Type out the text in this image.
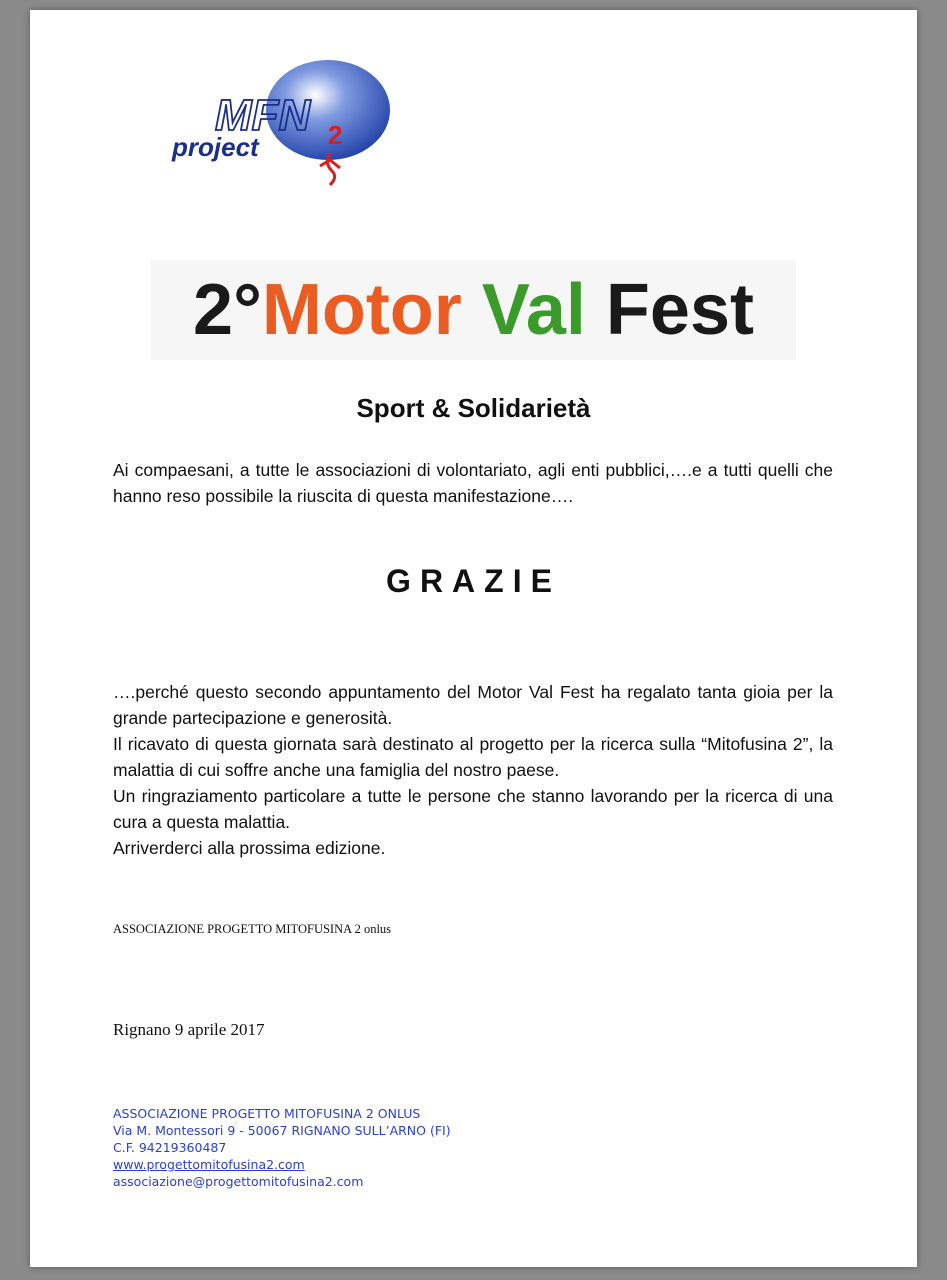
MFN 2
project
2°Motor Val Fest
Sport & Solidarietà
Ai compaesani, a tutte le associazioni di volontariato, agli enti pubblici,….e a tutti quelli che hanno reso possibile la riuscita di questa manifestazione….
GRAZIE

….perché questo secondo appuntamento del Motor Val Fest ha regalato tanta gioia per la grande partecipazione e generosità.

Il ricavato di questa giornata sarà destinato al progetto per la ricerca sulla “Mitofusina 2”, la malattia di cui soffre anche una famiglia del nostro paese.

Un ringraziamento particolare a tutte le persone che stanno lavorando per la ricerca di una cura a questa malattia.

Arriverderci alla prossima edizione.

ASSOCIAZIONE PROGETTO MITOFUSINA 2 onlus
Rignano 9 aprile 2017
ASSOCIAZIONE PROGETTO MITOFUSINA 2 ONLUS
Via M. Montessori 9 - 50067 RIGNANO SULL’ARNO (FI)
C.F. 94219360487
www.progettomitofusina2.com
associazione@progettomitofusina2.com
